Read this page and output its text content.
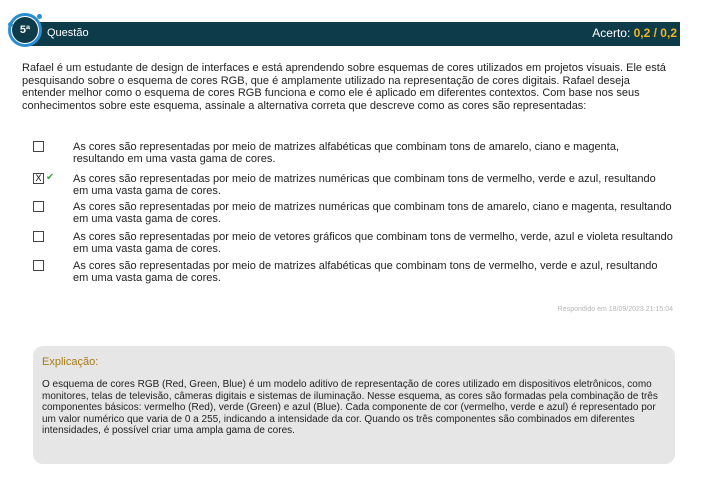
5ª	Questão	Acerto: 0,2 / 0,2
Rafael é um estudante de design de interfaces e está aprendendo sobre esquemas de cores utilizados em projetos visuais. Ele está pesquisando sobre o esquema de cores RGB, que é amplamente utilizado na representação de cores digitais. Rafael deseja entender melhor como o esquema de cores RGB funciona e como ele é aplicado em diferentes contextos. Com base nos seus conhecimentos sobre este esquema, assinale a alternativa correta que descreve como as cores são representadas:
As cores são representadas por meio de matrizes alfabéticas que combinam tons de amarelo, ciano e magenta, resultando em uma vasta gama de cores.
X ✔ As cores são representadas por meio de matrizes numéricas que combinam tons de vermelho, verde e azul, resultando em uma vasta gama de cores.
As cores são representadas por meio de matrizes numéricas que combinam tons de amarelo, ciano e magenta, resultando em uma vasta gama de cores.
As cores são representadas por meio de vetores gráficos que combinam tons de vermelho, verde, azul e violeta resultando em uma vasta gama de cores.
As cores são representadas por meio de matrizes alfabéticas que combinam tons de vermelho, verde e azul, resultando em uma vasta gama de cores.
Respondido em 18/09/2023 21:15:04
Explicação:
O esquema de cores RGB (Red, Green, Blue) é um modelo aditivo de representação de cores utilizado em dispositivos eletrônicos, como monitores, telas de televisão, câmeras digitais e sistemas de iluminação. Nesse esquema, as cores são formadas pela combinação de três componentes básicos: vermelho (Red), verde (Green) e azul (Blue). Cada componente de cor (vermelho, verde e azul) é representado por um valor numérico que varia de 0 a 255, indicando a intensidade da cor. Quando os três componentes são combinados em diferentes intensidades, é possível criar uma ampla gama de cores.
